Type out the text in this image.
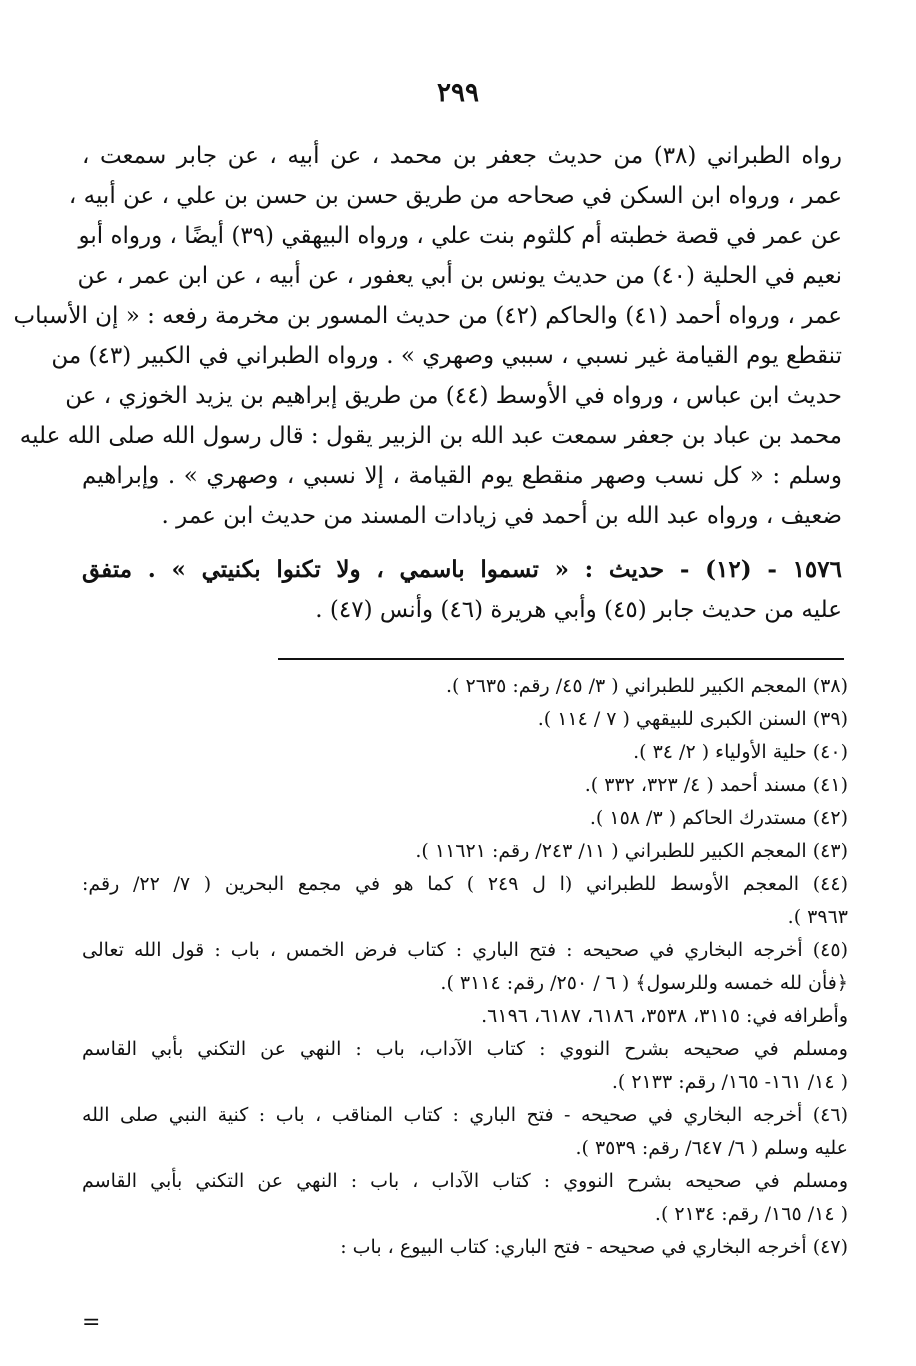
٢٩٩
رواه الطبراني (٣٨) من حديث جعفر بن محمد ، عن أبيه ، عن جابر سمعت ،
عمر ، ورواه ابن السكن في صحاحه من طريق حسن بن حسن بن علي ، عن أبيه ،
عن عمر في قصة خطبته أم كلثوم بنت علي ، ورواه البيهقي (٣٩) أيضًا ، ورواه أبو
نعيم في الحلية (٤٠) من حديث يونس بن أبي يعفور ، عن أبيه ، عن ابن عمر ، عن
عمر ، ورواه أحمد (٤١) والحاكم (٤٢) من حديث المسور بن مخرمة رفعه : « إن الأسباب
تنقطع يوم القيامة غير نسبي ، سببي وصهري » . ورواه الطبراني في الكبير (٤٣) من
حديث ابن عباس ، ورواه في الأوسط (٤٤) من طريق إبراهيم بن يزيد الخوزي ، عن
محمد بن عباد بن جعفر سمعت عبد الله بن الزبير يقول : قال رسول الله صلى الله عليه
وسلم : « كل نسب وصهر منقطع يوم القيامة ، إلا نسبي ، وصهري » . وإبراهيم
ضعيف ، ورواه عبد الله بن أحمد في زيادات المسند من حديث ابن عمر .
١٥٧٦ - (١٢) - حديث : « تسموا باسمي ، ولا تكنوا بكنيتي » . متفق
عليه من حديث جابر (٤٥) وأبي هريرة (٤٦) وأنس (٤٧) .
(٣٨) المعجم الكبير للطبراني ( ٣/ ٤٥/ رقم: ٢٦٣٥ ).
(٣٩) السنن الكبرى للبيقهي ( ٧ / ١١٤ ).
(٤٠) حلية الأولياء ( ٢/ ٣٤ ).
(٤١) مسند أحمد ( ٤/ ٣٢٣، ٣٣٢ ).
(٤٢) مستدرك الحاكم ( ٣/ ١٥٨ ).
(٤٣) المعجم الكبير للطبراني ( ١١/ ٢٤٣/ رقم: ١١٦٢١ ).
(٤٤) المعجم الأوسط للطبراني (ا ل ٢٤٩ ) كما هو في مجمع البحرين ( ٧/ ٢٢/ رقم:
٣٩٦٣ ).
(٤٥) أخرجه البخاري في صحيحه : فتح الباري : كتاب فرض الخمس ، باب : قول الله تعالى
﴿فأن لله خمسه وللرسول﴾ ( ٦ / ٢٥٠/ رقم: ٣١١٤ ).
وأطرافه في: ٣١١٥، ٣٥٣٨، ٦١٨٦، ٦١٨٧، ٦١٩٦.
ومسلم في صحيحه بشرح النووي : كتاب الآداب، باب : النهي عن التكني بأبي القاسم
( ١٤/ ١٦١- ١٦٥/ رقم: ٢١٣٣ ).
(٤٦) أخرجه البخاري في صحيحه - فتح الباري : كتاب المناقب ، باب : كنية النبي صلى الله
عليه وسلم ( ٦/ ٦٤٧/ رقم: ٣٥٣٩ ).
ومسلم في صحيحه بشرح النووي : كتاب الآداب ، باب : النهي عن التكني بأبي القاسم
( ١٤/ ١٦٥/ رقم: ٢١٣٤ ).
(٤٧) أخرجه البخاري في صحيحه - فتح الباري: كتاب البيوع ، باب :
=
